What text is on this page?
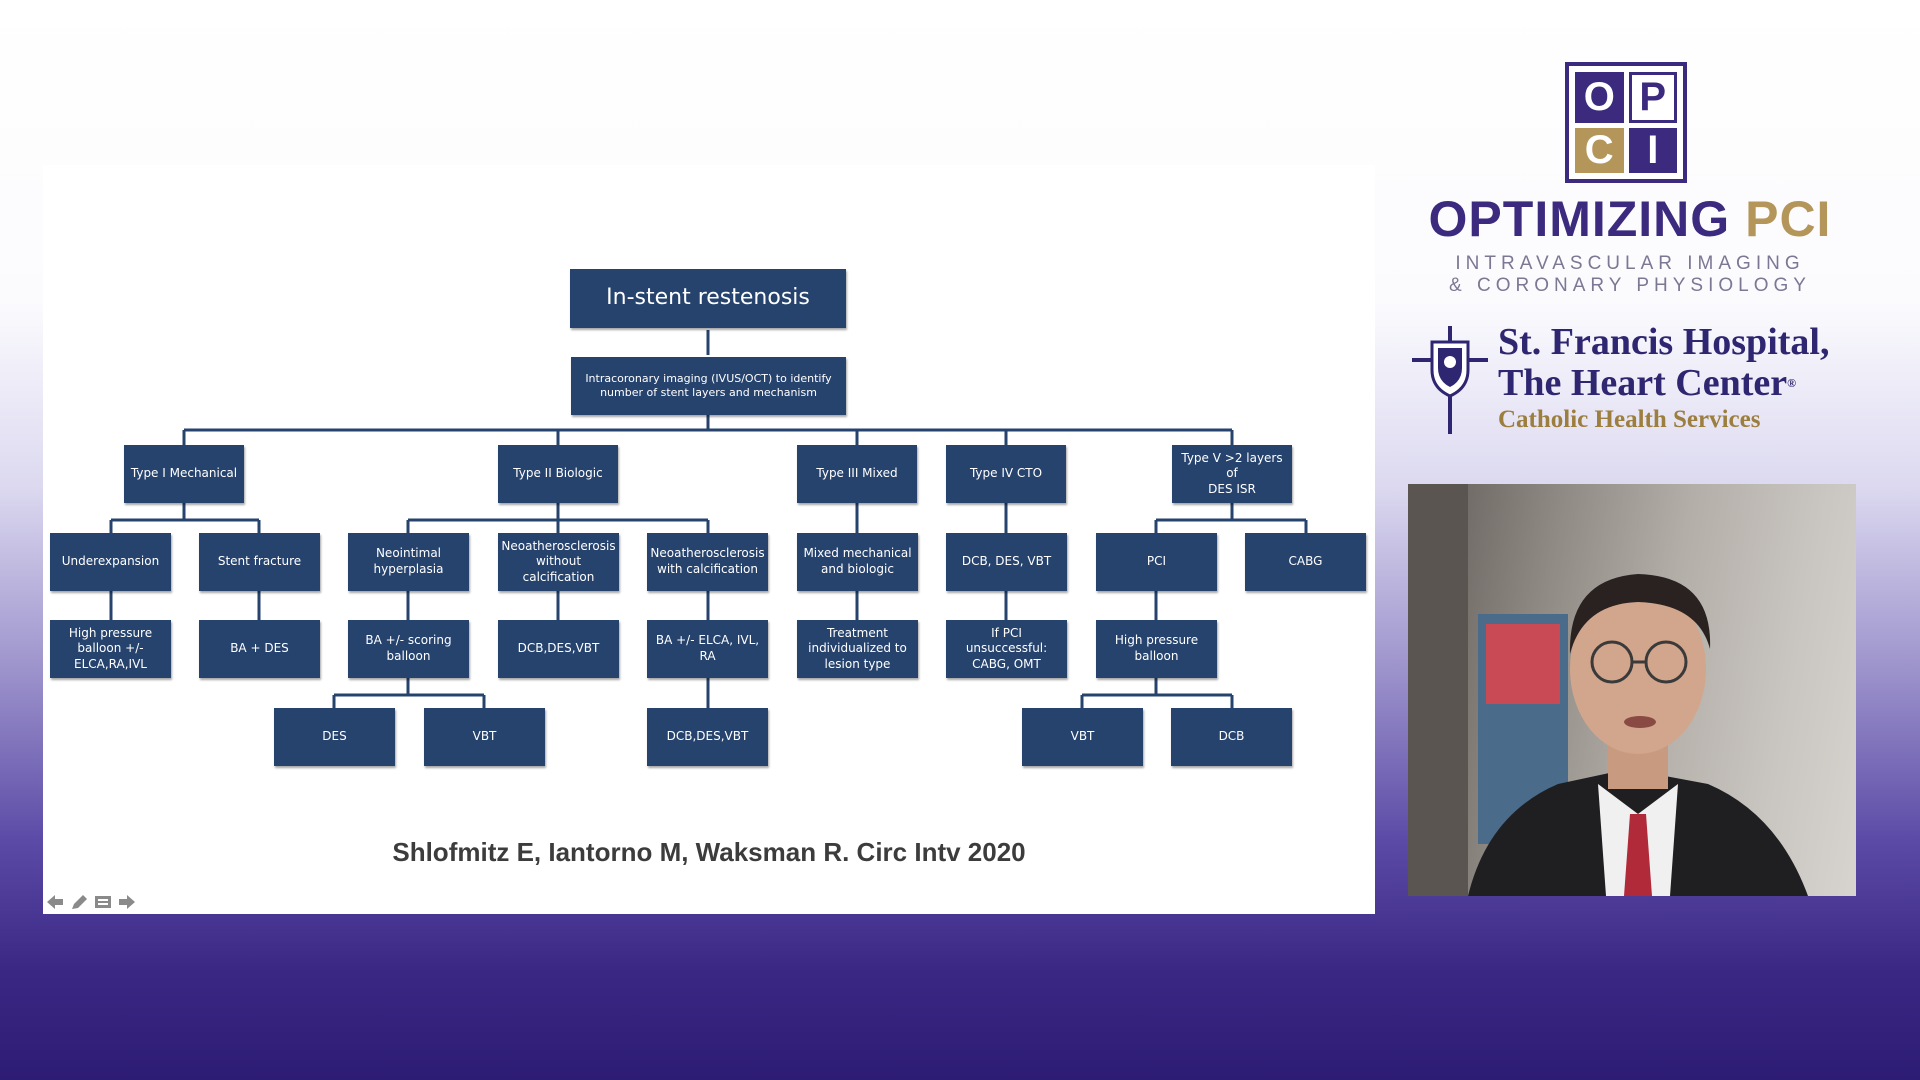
In-stent restenosis
Intracoronary imaging (IVUS/OCT) to identify
number of stent layers and mechanism
Type I Mechanical	Type II Biologic	Type III Mixed	Type IV CTO
Type V >2 layers of
DES ISR
Underexpansion	Stent fracture
Neointimal
hyperplasia
Neoatherosclerosis
without calcification
Neoatherosclerosis
with calcification
Mixed mechanical
and biologic
DCB, DES, VBT	PCI	CABG
High pressure
balloon +/-
ELCA,RA,IVL
BA + DES
BA +/- scoring
balloon
DCB,DES,VBT
BA +/- ELCA, IVL, RA
Treatment
individualized to
lesion type
If PCI unsuccessful:
CABG, OMT
High pressure
balloon
DES	VBT	DCB,DES,VBT	VBT	DCB
Shlofmitz E, Iantorno M, Waksman R. Circ Intv 2020
O P
C I
OPTIMIZING PCI
INTRAVASCULAR IMAGING
& CORONARY PHYSIOLOGY
St. Francis Hospital,
The Heart Center®
Catholic Health Services
